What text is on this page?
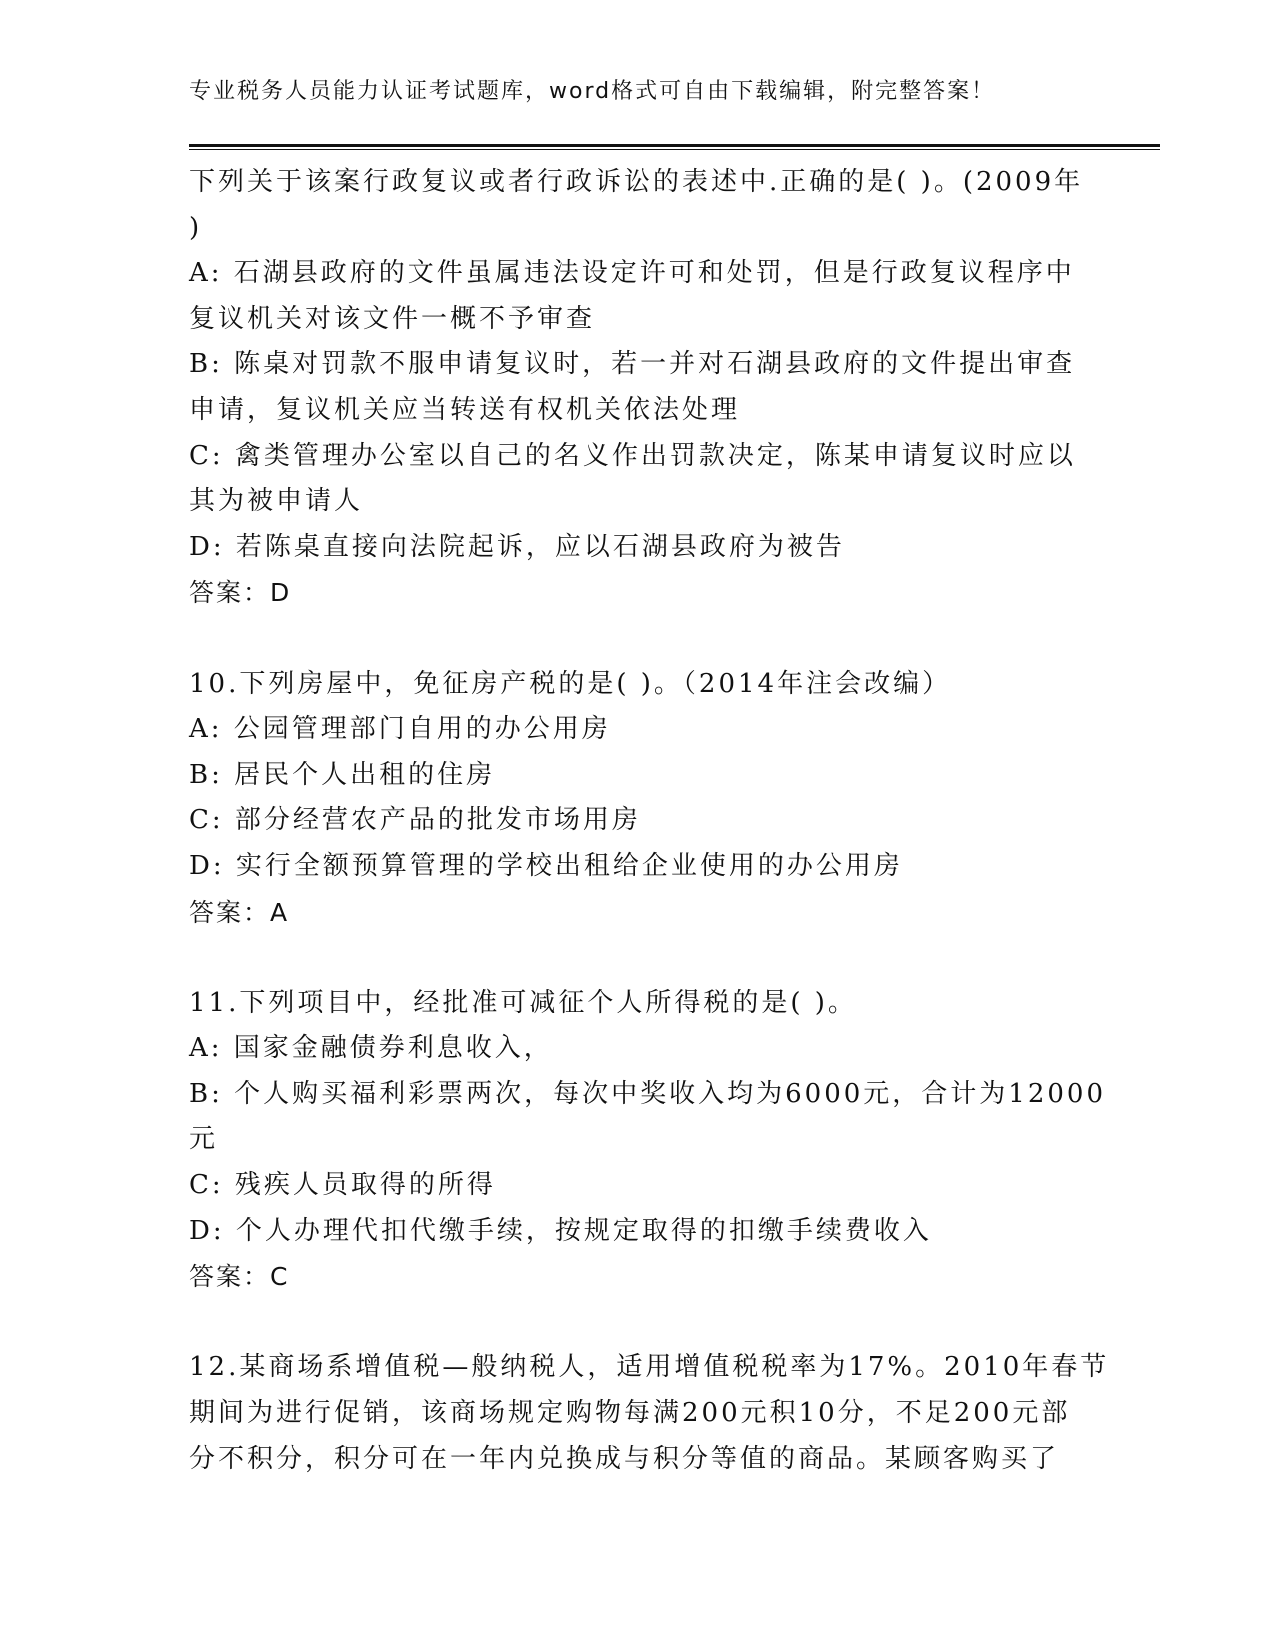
专业税务人员能力认证考试题库，word格式可自由下载编辑，附完整答案！
下列关于该案行政复议或者行政诉讼的表述中.正确的是( )。(2009年
)
A: 石湖县政府的文件虽属违法设定许可和处罚，但是行政复议程序中
复议机关对该文件一概不予审查
B: 陈桌对罚款不服申请复议时，若一并对石湖县政府的文件提出审查
申请，复议机关应当转送有权机关依法处理
C: 禽类管理办公室以自己的名义作出罚款决定，陈某申请复议时应以
其为被申请人
D: 若陈桌直接向法院起诉，应以石湖县政府为被告
答案：D
10.下列房屋中，免征房产税的是( )。（2014年注会改编）
A: 公园管理部门自用的办公用房
B: 居民个人出租的住房
C: 部分经营农产品的批发市场用房
D: 实行全额预算管理的学校出租给企业使用的办公用房
答案：A
11.下列项目中，经批准可减征个人所得税的是( )。
A: 国家金融债券利息收入，
B: 个人购买福利彩票两次，每次中奖收入均为6000元，合计为12000
元
C: 残疾人员取得的所得
D: 个人办理代扣代缴手续，按规定取得的扣缴手续费收入
答案：C
12.某商场系增值税—般纳税人，适用增值税税率为17%。2010年春节
期间为进行促销，该商场规定购物每满200元积10分，不足200元部
分不积分，积分可在一年内兑换成与积分等值的商品。某顾客购买了
